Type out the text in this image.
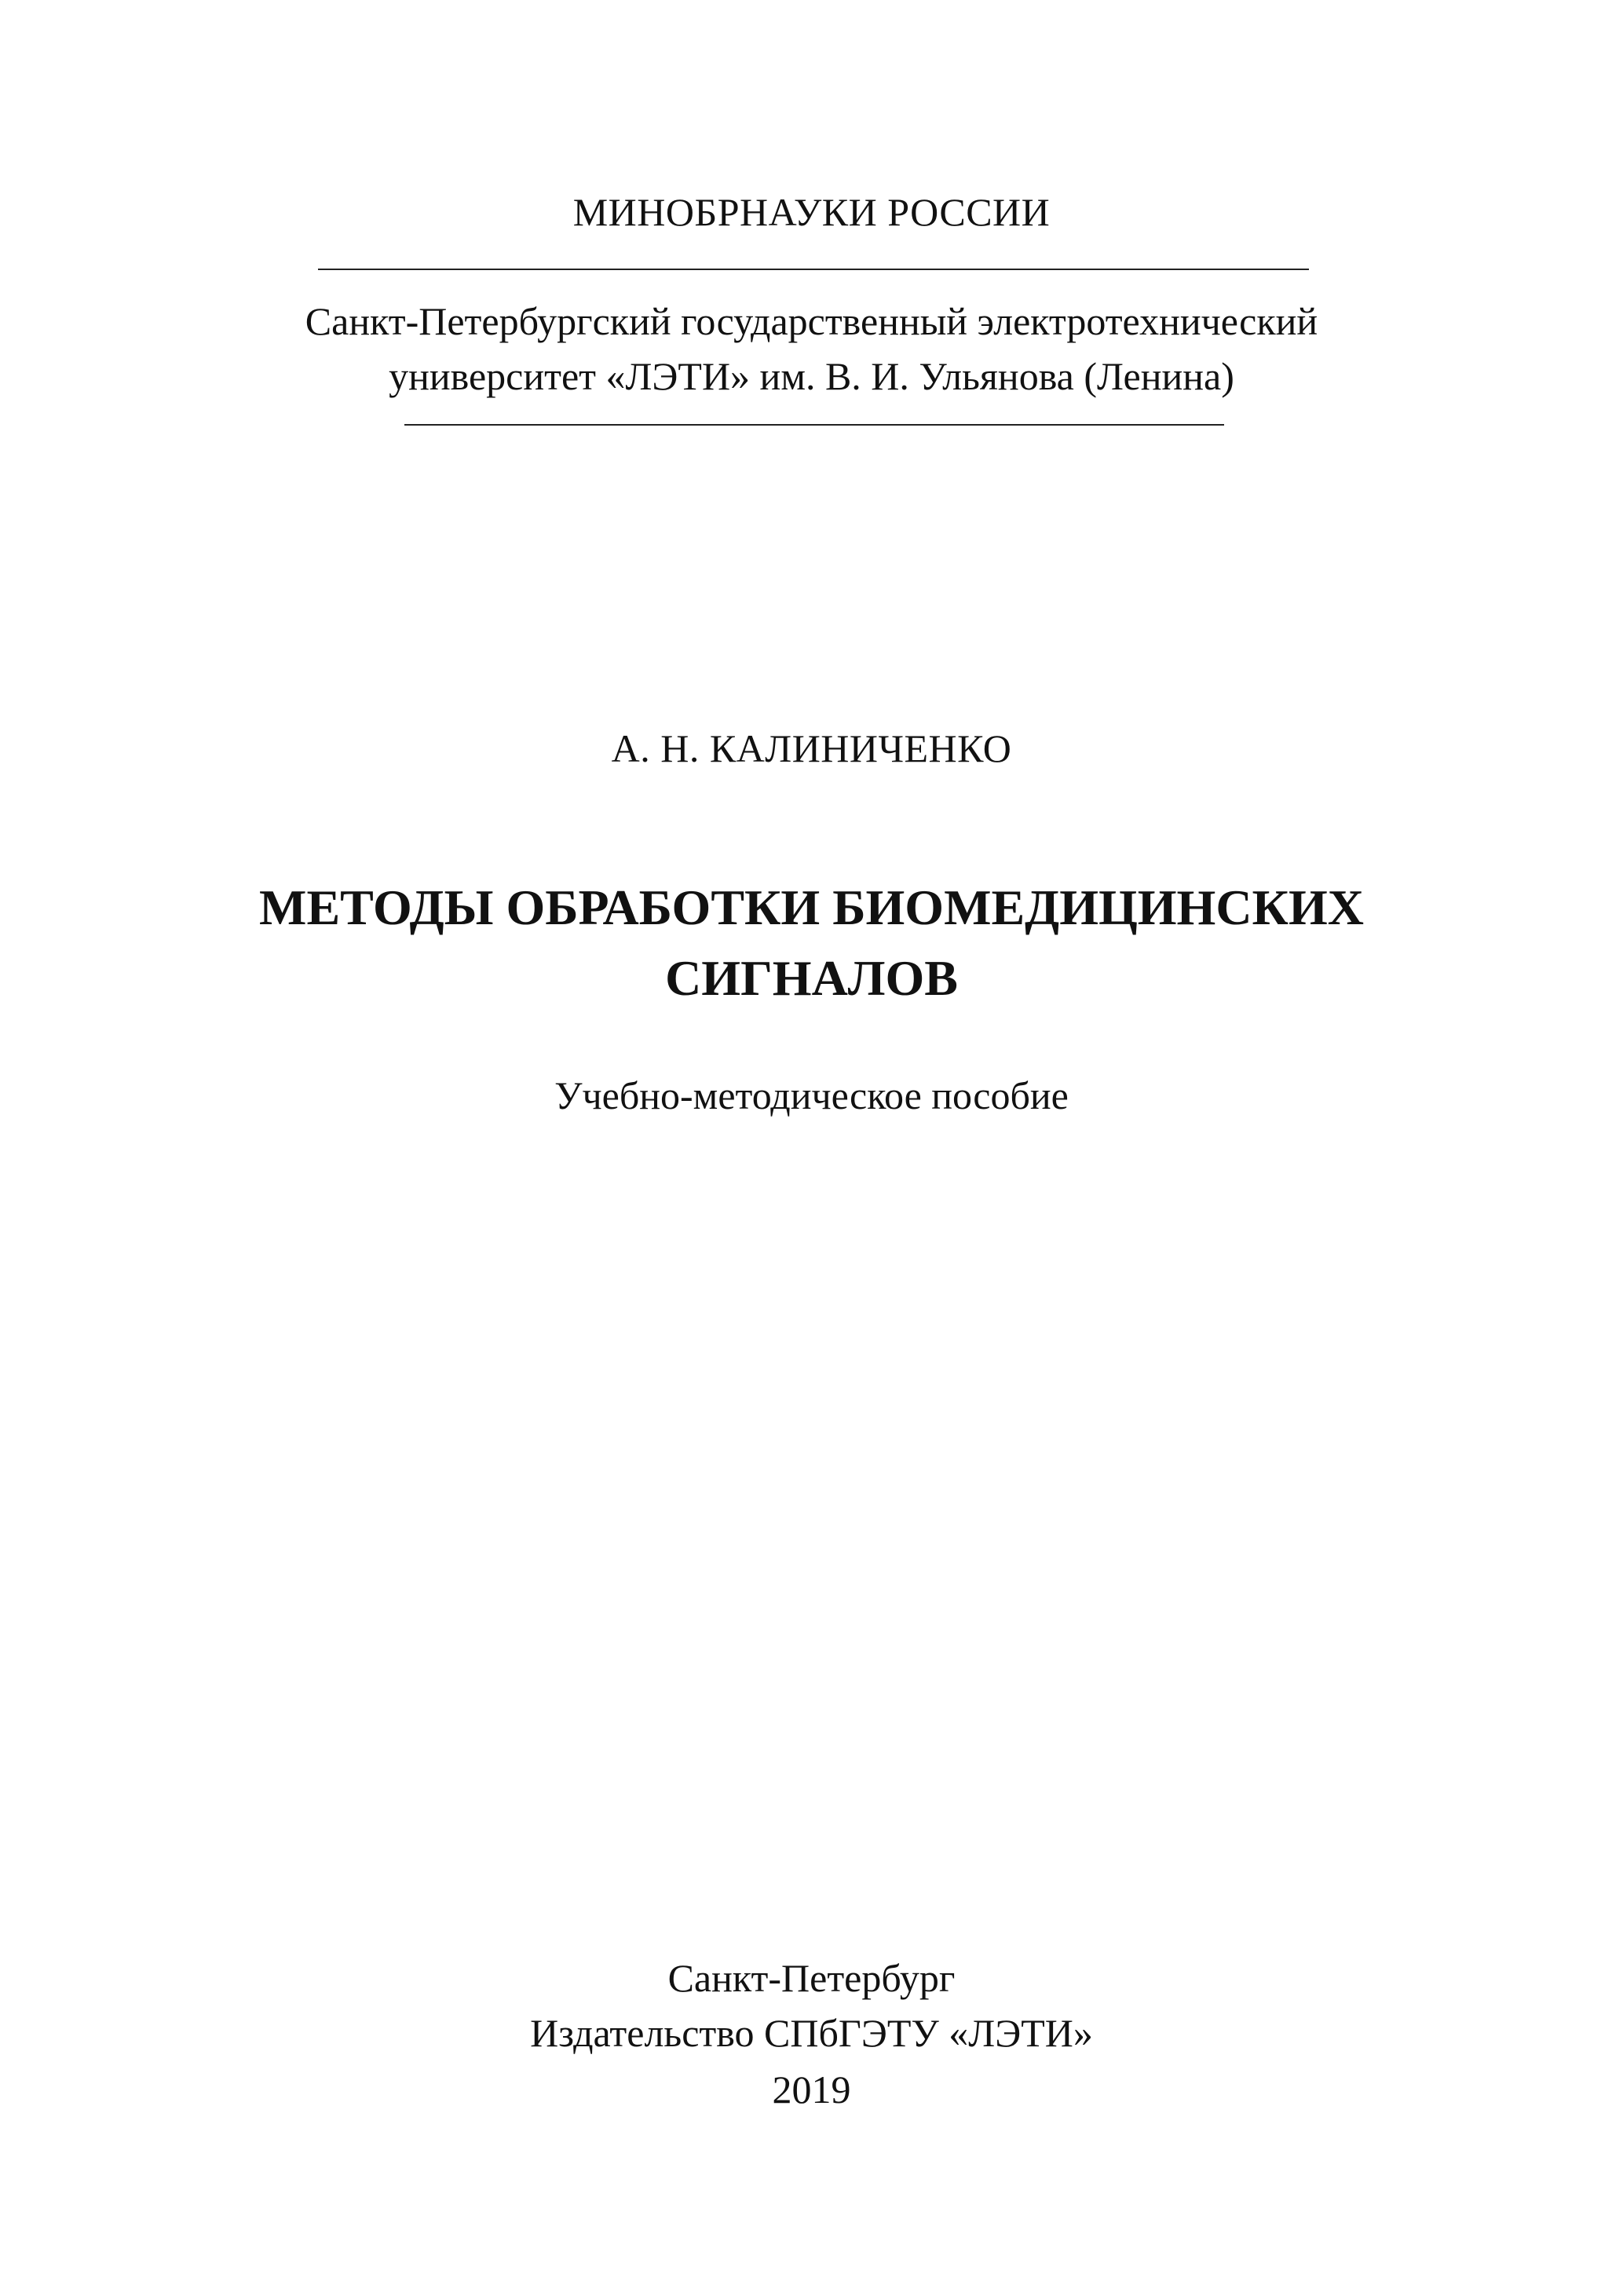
МИНОБРНАУКИ РОССИИ
Санкт-Петербургский государственный электротехнический
университет «ЛЭТИ» им. В. И. Ульянова (Ленина)
А. Н. КАЛИНИЧЕНКО
МЕТОДЫ ОБРАБОТКИ БИОМЕДИЦИНСКИХ
СИГНАЛОВ
Учебно-методическое пособие
Санкт-Петербург
Издательство СПбГЭТУ «ЛЭТИ»
2019
